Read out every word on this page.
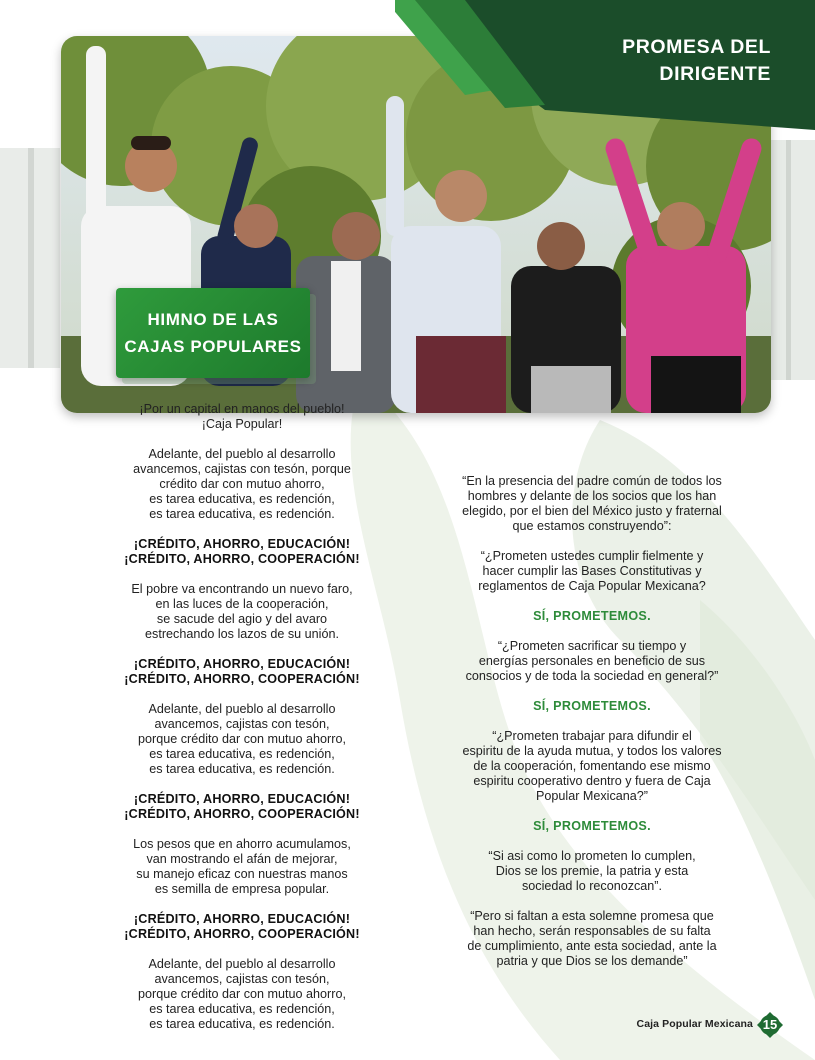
PROMESA DEL
DIRIGENTE
HIMNO DE LAS
CAJAS POPULARES

¡Por un capital en manos del pueblo!
¡Caja Popular!

Adelante, del pueblo al desarrollo
avancemos, cajistas con tesón, porque
crédito dar con mutuo ahorro,
es tarea educativa, es redención,
es tarea educativa, es redención.

¡CRÉDITO, AHORRO, EDUCACIÓN!
¡CRÉDITO, AHORRO, COOPERACIÓN!

El pobre va encontrando un nuevo faro,
en las luces de la cooperación,
se sacude del agio y del avaro
estrechando los lazos de su unión.

¡CRÉDITO, AHORRO, EDUCACIÓN!
¡CRÉDITO, AHORRO, COOPERACIÓN!

Adelante, del pueblo al desarrollo
avancemos, cajistas con tesón,
porque crédito dar con mutuo ahorro,
es tarea educativa, es redención,
es tarea educativa, es redención.

¡CRÉDITO, AHORRO, EDUCACIÓN!
¡CRÉDITO, AHORRO, COOPERACIÓN!

Los pesos que en ahorro acumulamos,
van mostrando el afán de mejorar,
su manejo eficaz con nuestras manos
es semilla de empresa popular.

¡CRÉDITO, AHORRO, EDUCACIÓN!
¡CRÉDITO, AHORRO, COOPERACIÓN!

Adelante, del pueblo al desarrollo
avancemos, cajistas con tesón,
porque crédito dar con mutuo ahorro,
es tarea educativa, es redención,
es tarea educativa, es redención.

“En la presencia del padre común de todos los
hombres y delante de los socios que los han
elegido, por el bien del México justo y fraternal
que estamos construyendo”:

“¿Prometen ustedes cumplir fielmente y
hacer cumplir las Bases Constitutivas y
reglamentos de Caja Popular Mexicana?

SÍ, PROMETEMOS.

“¿Prometen sacrificar su tiempo y
energías personales en beneficio de sus
consocios y de toda la sociedad en general?”

SÍ, PROMETEMOS.

“¿Prometen trabajar para difundir el
espiritu de la ayuda mutua, y todos los valores
de la cooperación, fomentando ese mismo
espiritu cooperativo dentro y fuera de Caja
Popular Mexicana?”

SÍ, PROMETEMOS.

“Si asi como lo prometen lo cumplen,
Dios se los premie, la patria y esta
sociedad lo reconozcan”.

“Pero si faltan a esta solemne promesa que
han hecho, serán responsables de su falta
de cumplimiento, ante esta sociedad, ante la
patria y que Dios se los demande”

Caja Popular Mexicana 15
